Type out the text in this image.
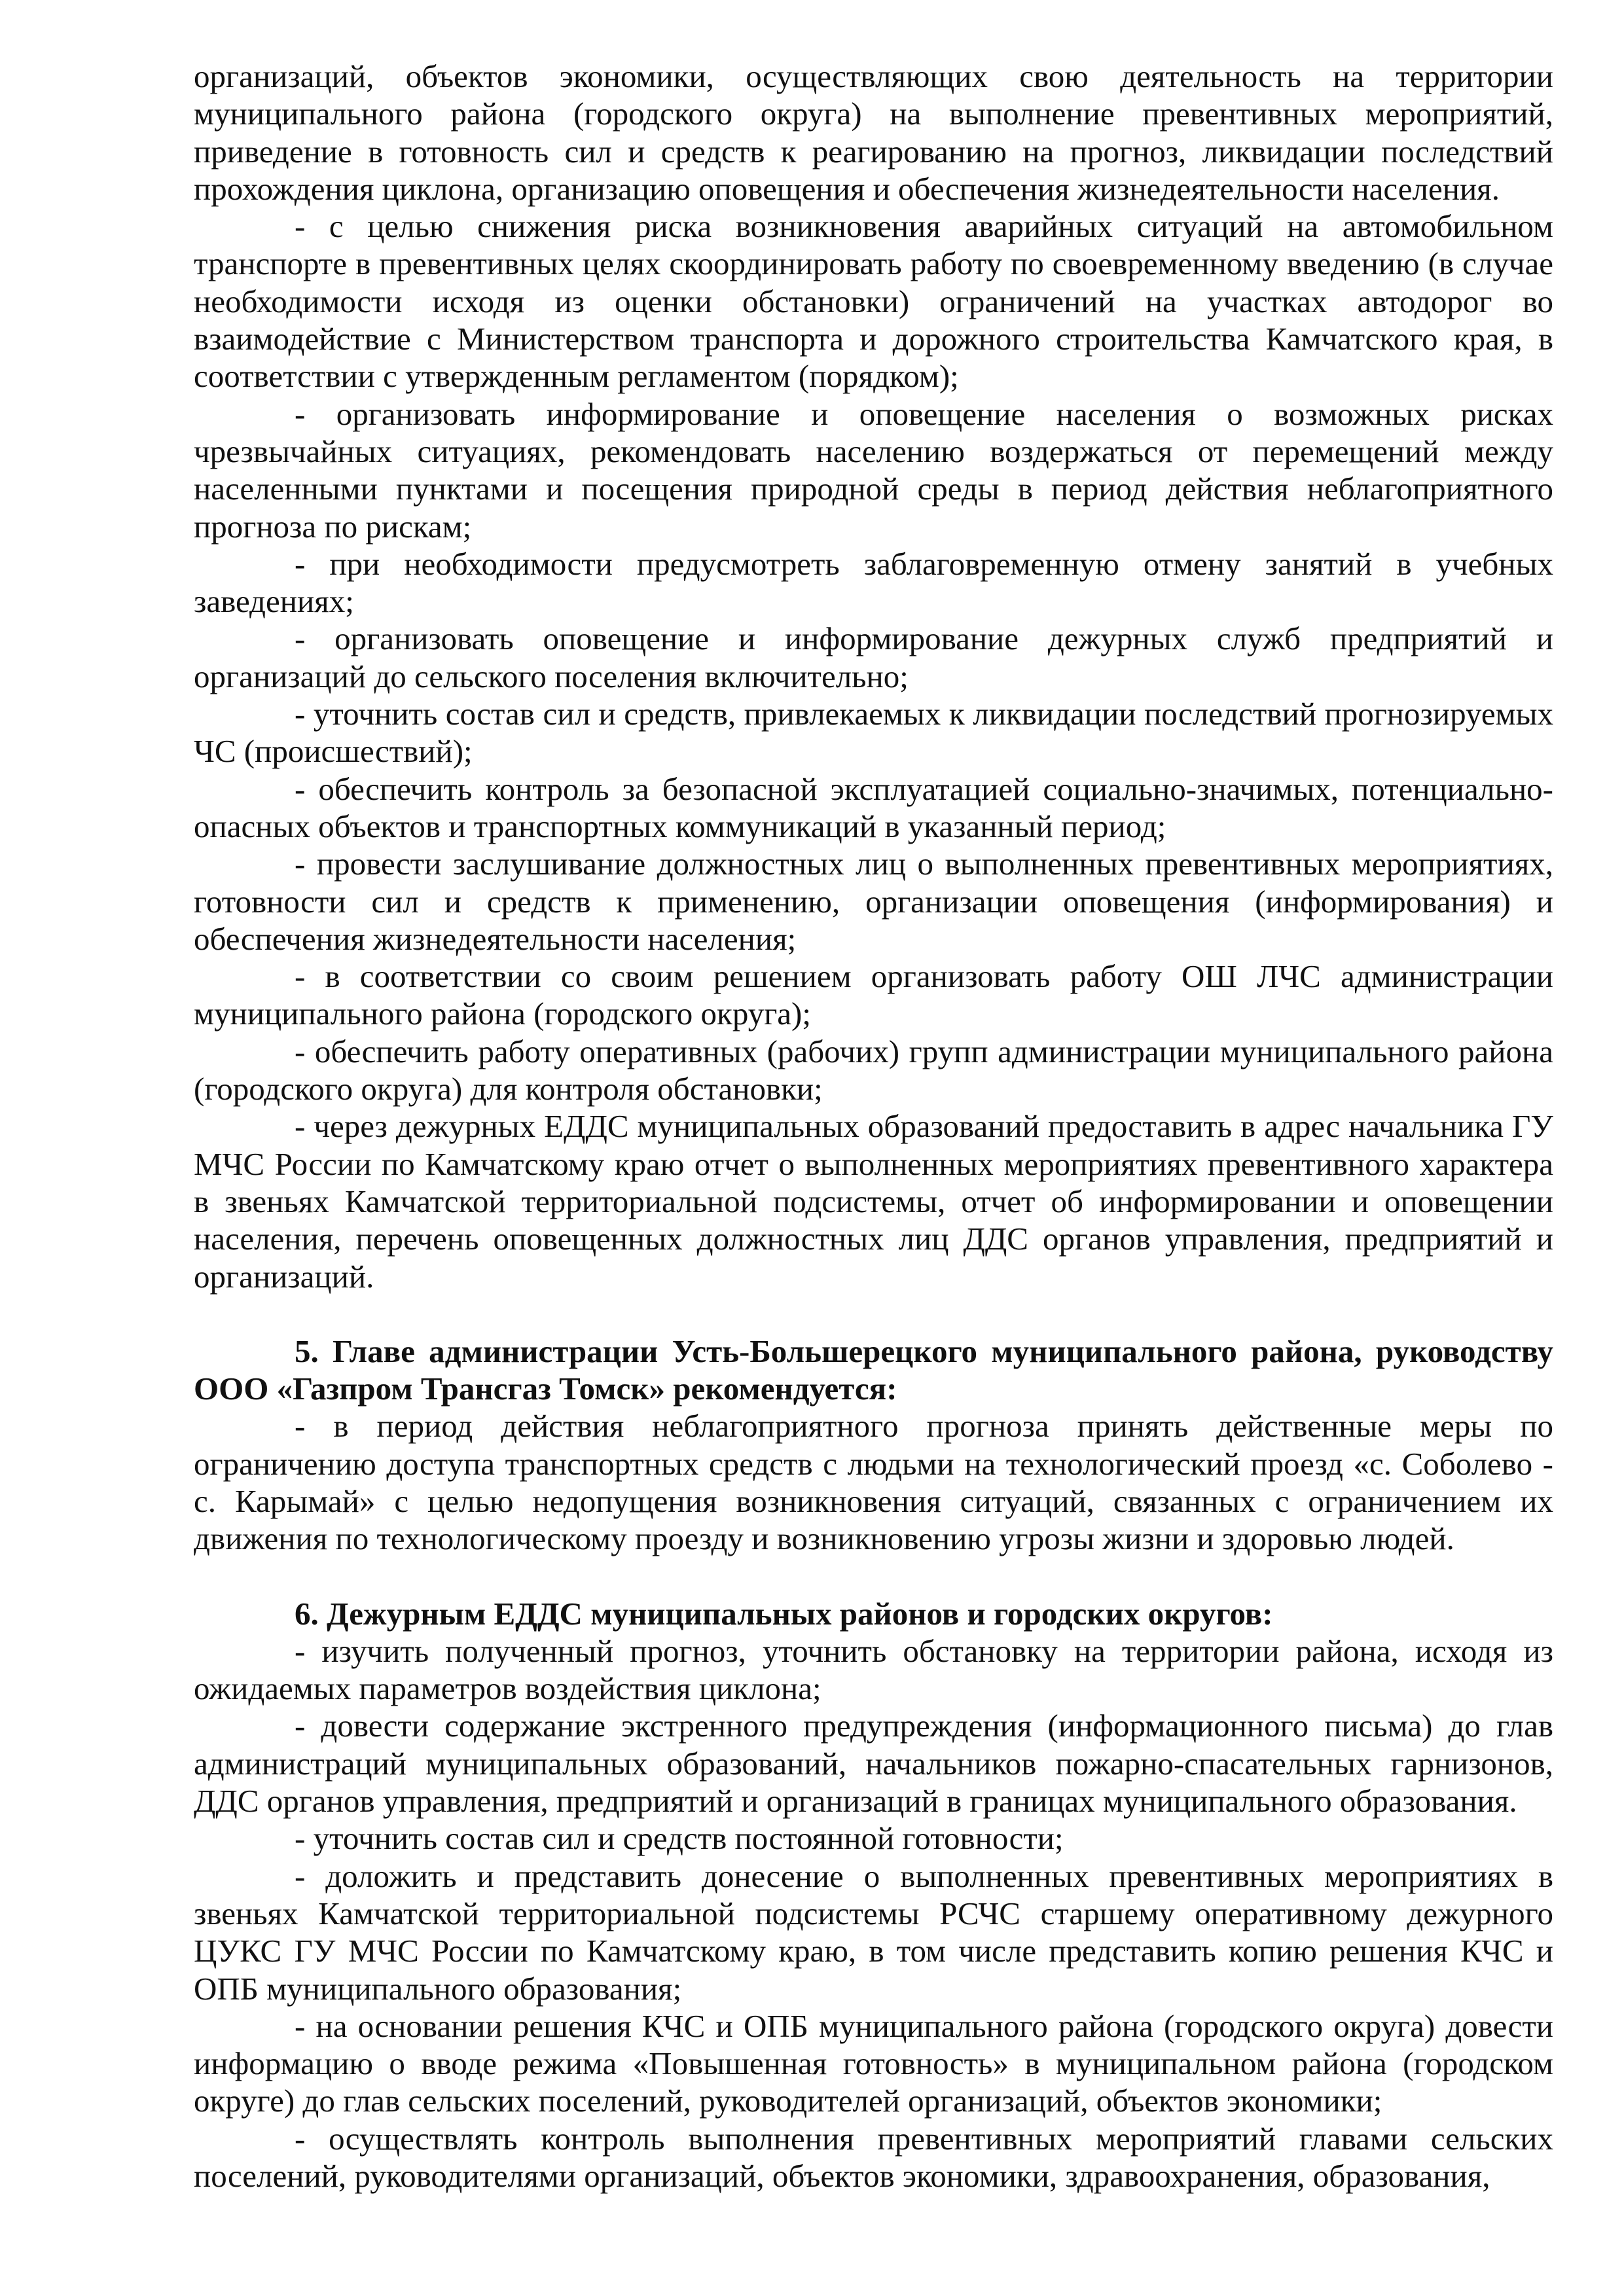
организаций, объектов экономики, осуществляющих свою деятельность на территории муниципального района (городского округа) на выполнение превентивных мероприятий, приведение в готовность сил и средств к реагированию на прогноз, ликвидации последствий прохождения циклона, организацию оповещения и обеспечения жизнедеятельности населения.

- с целью снижения риска возникновения аварийных ситуаций на автомобильном транспорте в превентивных целях скоординировать работу по своевременному введению (в случае необходимости исходя из оценки обстановки) ограничений на участках автодорог во взаимодействие с Министерством транспорта и дорожного строительства Камчатского края, в соответствии с утвержденным регламентом (порядком);

- организовать информирование и оповещение населения о возможных рисках чрезвычайных ситуациях, рекомендовать населению воздержаться от перемещений между населенными пунктами и посещения природной среды в период действия неблагоприятного прогноза по рискам;

- при необходимости предусмотреть заблаговременную отмену занятий в учебных заведениях;

- организовать оповещение и информирование дежурных служб предприятий и организаций до сельского поселения включительно;

- уточнить состав сил и средств, привлекаемых к ликвидации последствий прогнозируемых ЧС (происшествий);

- обеспечить контроль за безопасной эксплуатацией социально-значимых, потенциально-опасных объектов и транспортных коммуникаций в указанный период;

- провести заслушивание должностных лиц о выполненных превентивных мероприятиях, готовности сил и средств к применению, организации оповещения (информирования) и обеспечения жизнедеятельности населения;

- в соответствии со своим решением организовать работу ОШ ЛЧС администрации муниципального района (городского округа);

- обеспечить работу оперативных (рабочих) групп администрации муниципального района (городского округа) для контроля обстановки;

- через дежурных ЕДДС муниципальных образований предоставить в адрес начальника ГУ МЧС России по Камчатскому краю отчет о выполненных мероприятиях превентивного характера в звеньях Камчатской территориальной подсистемы, отчет об информировании и оповещении населения, перечень оповещенных должностных лиц ДДС органов управления, предприятий и организаций.

5. Главе администрации Усть-Большерецкого муниципального района, руководству ООО «Газпром Трансгаз Томск» рекомендуется:

- в период действия неблагоприятного прогноза принять действенные меры по ограничению доступа транспортных средств с людьми на технологический проезд «с. Соболево - с. Карымай» с целью недопущения возникновения ситуаций, связанных с ограничением их движения по технологическому проезду и возникновению угрозы жизни и здоровью людей.

6. Дежурным ЕДДС муниципальных районов и городских округов:

- изучить полученный прогноз, уточнить обстановку на территории района, исходя из ожидаемых параметров воздействия циклона;

- довести содержание экстренного предупреждения (информационного письма) до глав администраций муниципальных образований, начальников пожарно-спасательных гарнизонов, ДДС органов управления, предприятий и организаций в границах муниципального образования.

- уточнить состав сил и средств постоянной готовности;

- доложить и представить донесение о выполненных превентивных мероприятиях в звеньях Камчатской территориальной подсистемы РСЧС старшему оперативному дежурного ЦУКС ГУ МЧС России по Камчатскому краю, в том числе представить копию решения КЧС и ОПБ муниципального образования;

- на основании решения КЧС и ОПБ муниципального района (городского округа) довести информацию о вводе режима «Повышенная готовность» в муниципальном района (городском округе) до глав сельских поселений, руководителей организаций, объектов экономики;

- осуществлять контроль выполнения превентивных мероприятий главами сельских поселений, руководителями организаций, объектов экономики, здравоохранения, образования,
